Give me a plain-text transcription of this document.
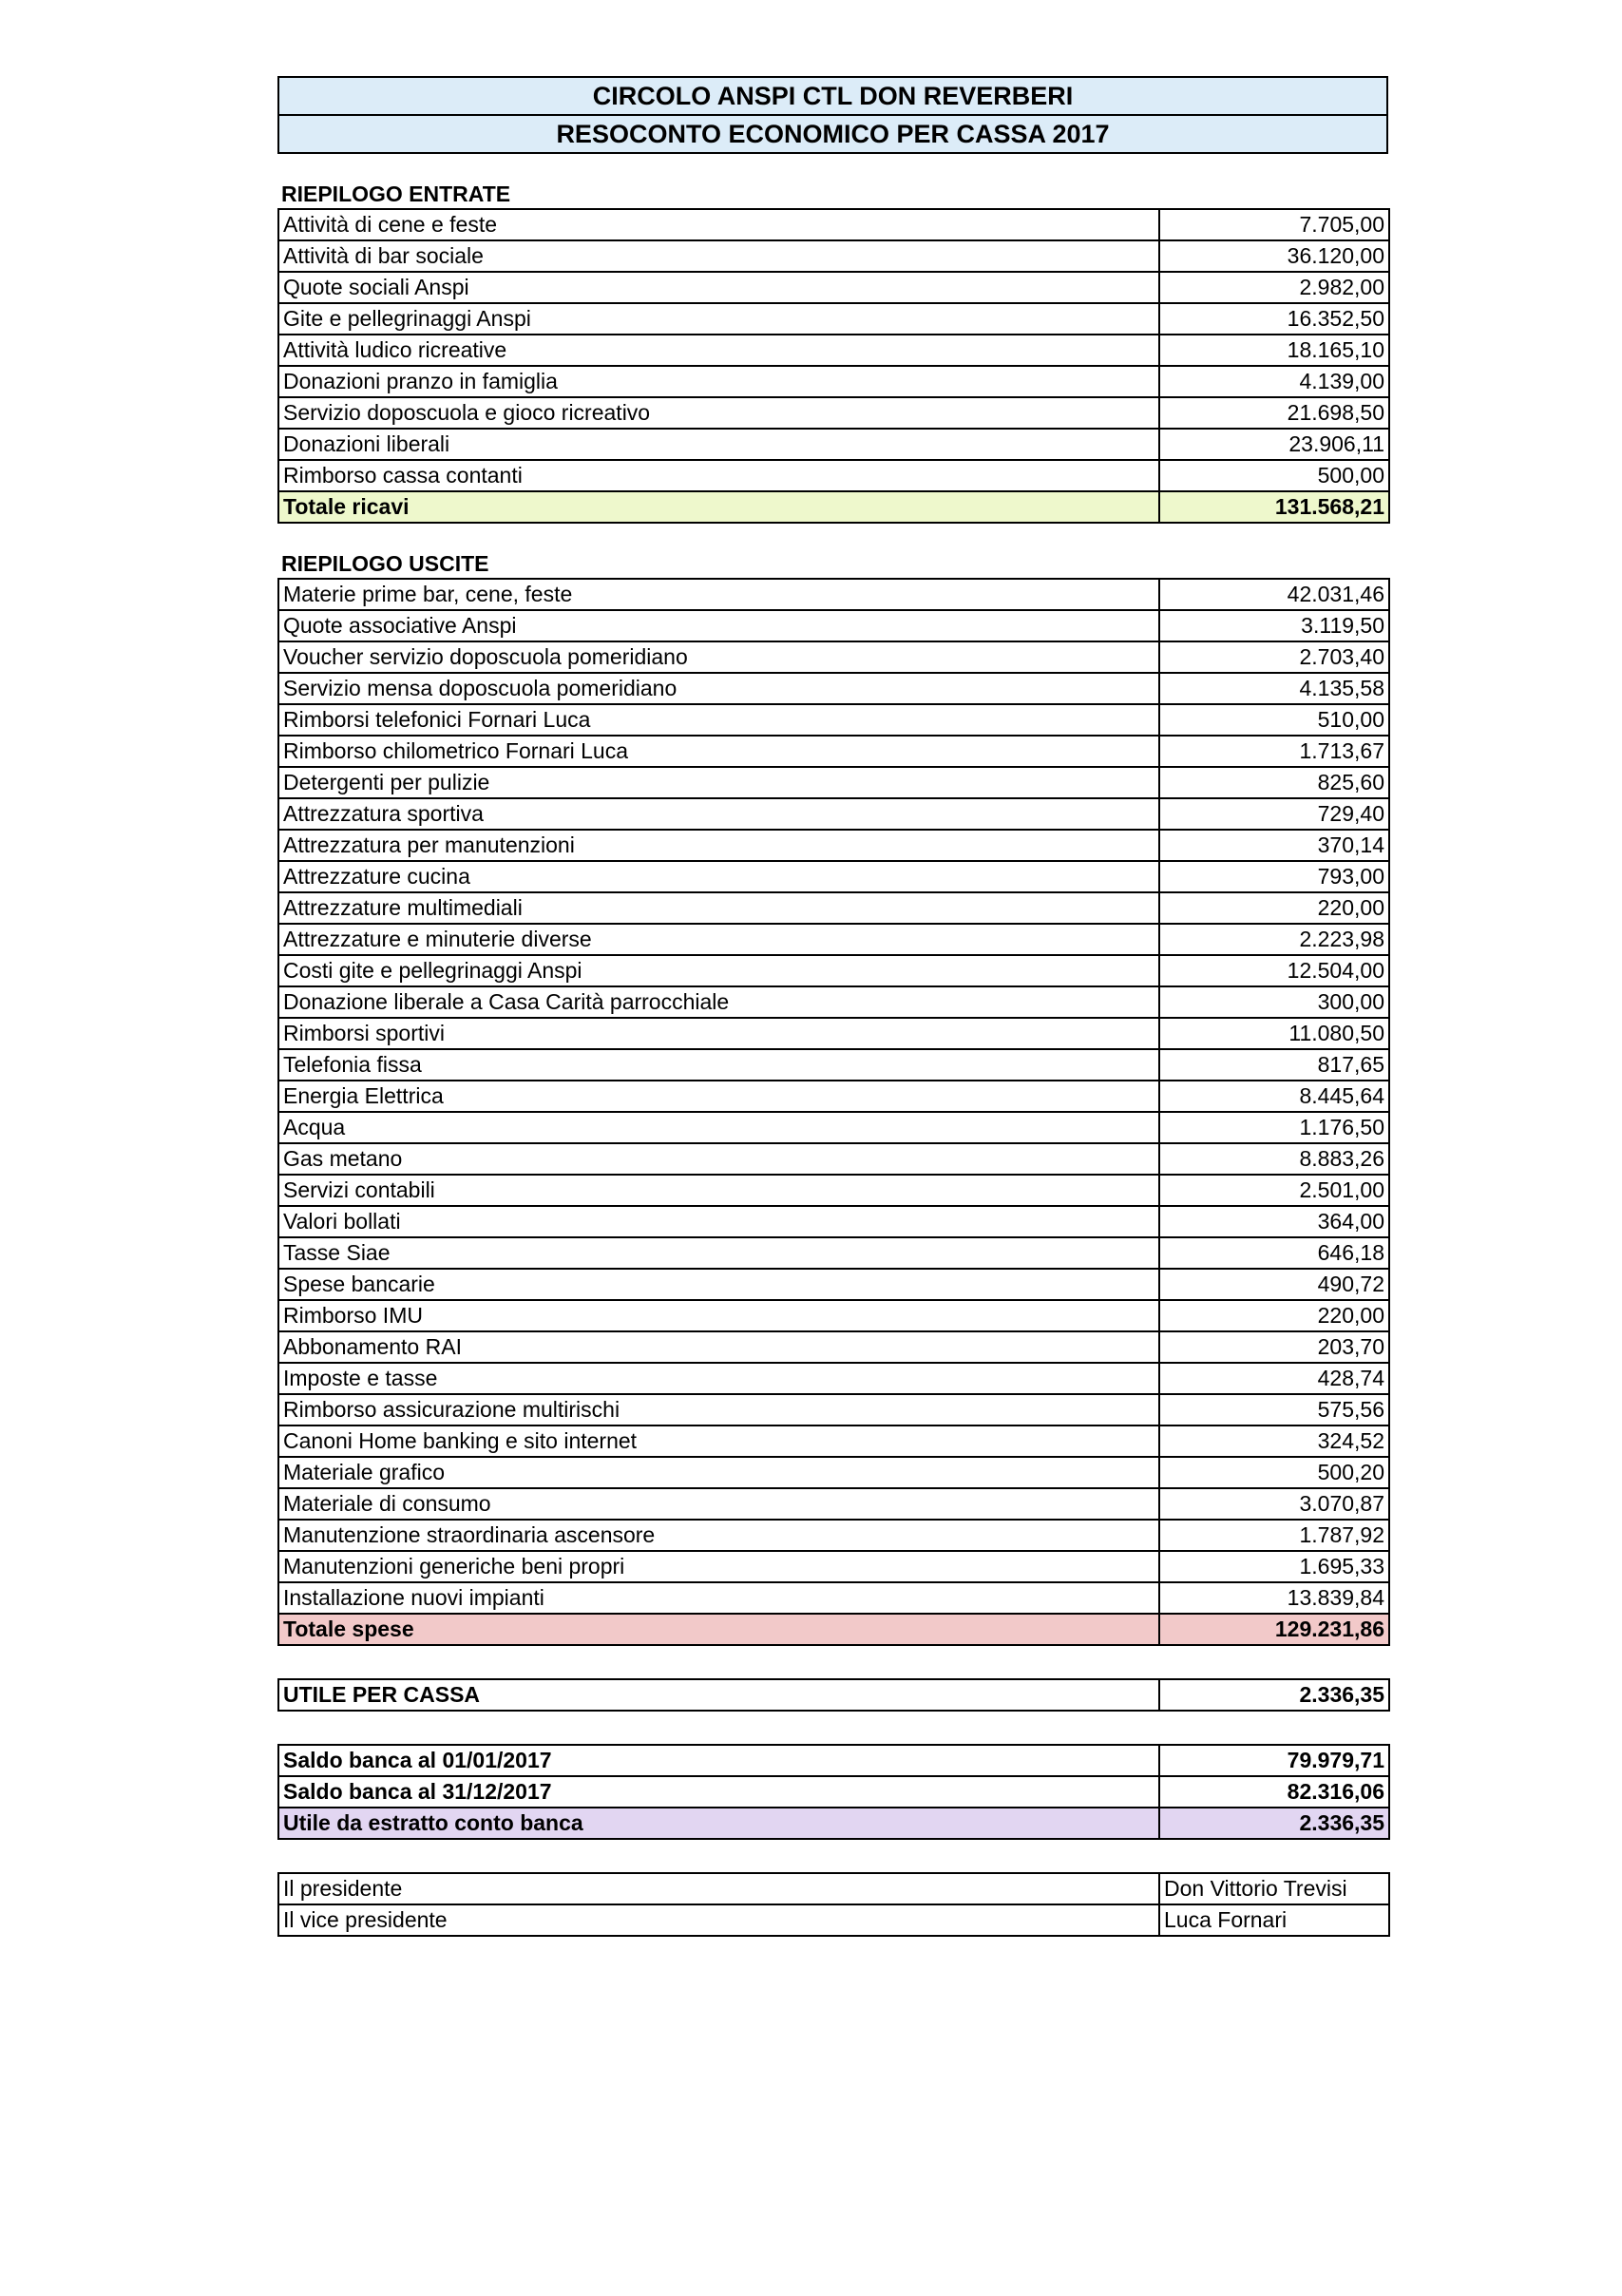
CIRCOLO ANSPI CTL DON REVERBERI
RESOCONTO ECONOMICO PER CASSA 2017
RIEPILOGO ENTRATE
Attività di cene e feste	7.705,00
Attività di bar sociale	36.120,00
Quote sociali Anspi	2.982,00
Gite e pellegrinaggi Anspi	16.352,50
Attività ludico ricreative	18.165,10
Donazioni pranzo in famiglia	4.139,00
Servizio doposcuola e gioco ricreativo	21.698,50
Donazioni liberali	23.906,11
Rimborso cassa contanti	500,00
Totale ricavi	131.568,21
RIEPILOGO USCITE
Materie prime bar, cene, feste	42.031,46
Quote associative Anspi	3.119,50
Voucher servizio doposcuola pomeridiano	2.703,40
Servizio mensa doposcuola pomeridiano	4.135,58
Rimborsi telefonici Fornari Luca	510,00
Rimborso chilometrico Fornari Luca	1.713,67
Detergenti per pulizie	825,60
Attrezzatura sportiva	729,40
Attrezzatura per manutenzioni	370,14
Attrezzature cucina	793,00
Attrezzature multimediali	220,00
Attrezzature e minuterie diverse	2.223,98
Costi gite e pellegrinaggi Anspi	12.504,00
Donazione liberale a Casa Carità parrocchiale	300,00
Rimborsi sportivi	11.080,50
Telefonia fissa	817,65
Energia Elettrica	8.445,64
Acqua	1.176,50
Gas metano	8.883,26
Servizi contabili	2.501,00
Valori bollati	364,00
Tasse Siae	646,18
Spese bancarie	490,72
Rimborso IMU	220,00
Abbonamento RAI	203,70
Imposte e tasse	428,74
Rimborso assicurazione multirischi	575,56
Canoni Home banking e sito internet	324,52
Materiale grafico	500,20
Materiale di consumo	3.070,87
Manutenzione straordinaria ascensore	1.787,92
Manutenzioni generiche beni propri	1.695,33
Installazione nuovi impianti	13.839,84
Totale spese	129.231,86
UTILE PER CASSA	2.336,35
Saldo banca al 01/01/2017	79.979,71
Saldo banca al 31/12/2017	82.316,06
Utile da estratto conto banca	2.336,35
Il presidente	Don Vittorio Trevisi
Il vice presidente	Luca Fornari
